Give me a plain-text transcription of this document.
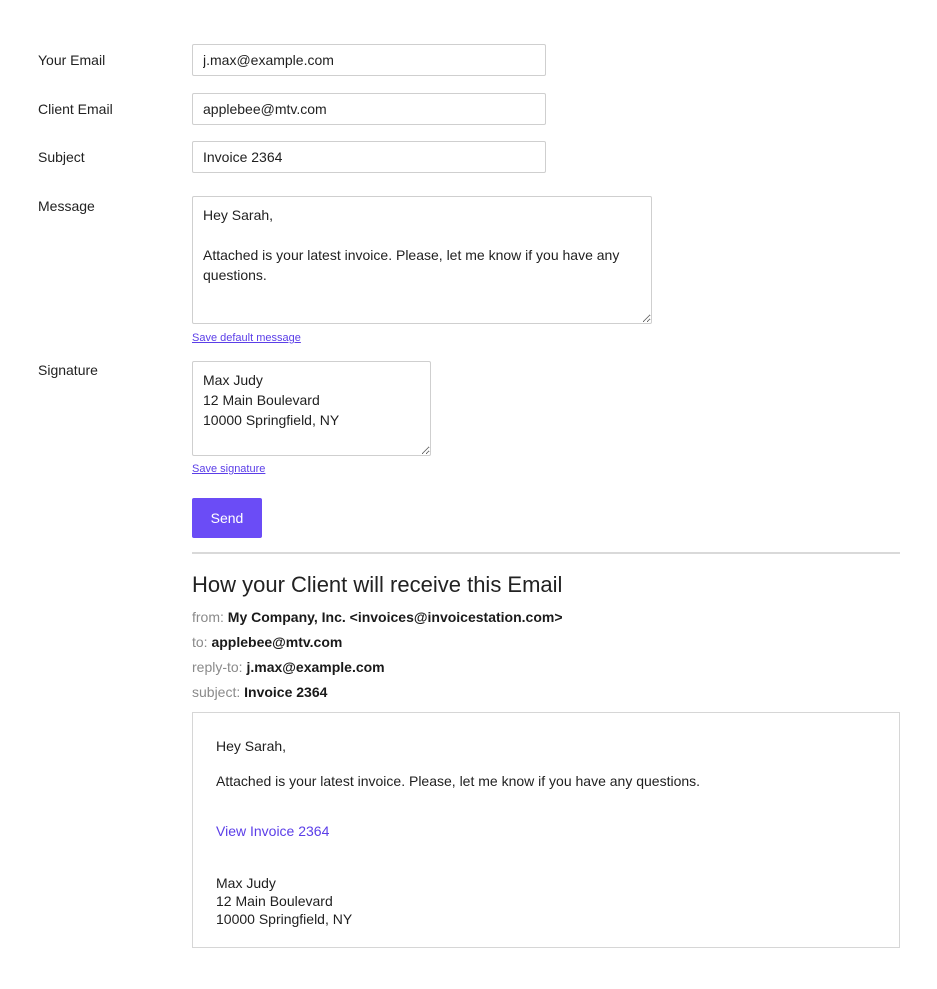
Your Email
j.max@example.com
Client Email
applebee@mtv.com
Subject
Invoice 2364
Message
Hey Sarah, Attached is your latest invoice. Please, let me know if you have any questions.
Save default message
Signature
Max Judy 12 Main Boulevard 10000 Springfield, NY
Save signature
Send
How your Client will receive this Email
from: My Company, Inc. <invoices@invoicestation.com>
to: applebee@mtv.com
reply-to: j.max@example.com
subject: Invoice 2364
Hey Sarah,
Attached is your latest invoice. Please, let me know if you have any questions.
View Invoice 2364
Max Judy
12 Main Boulevard
10000 Springfield, NY
